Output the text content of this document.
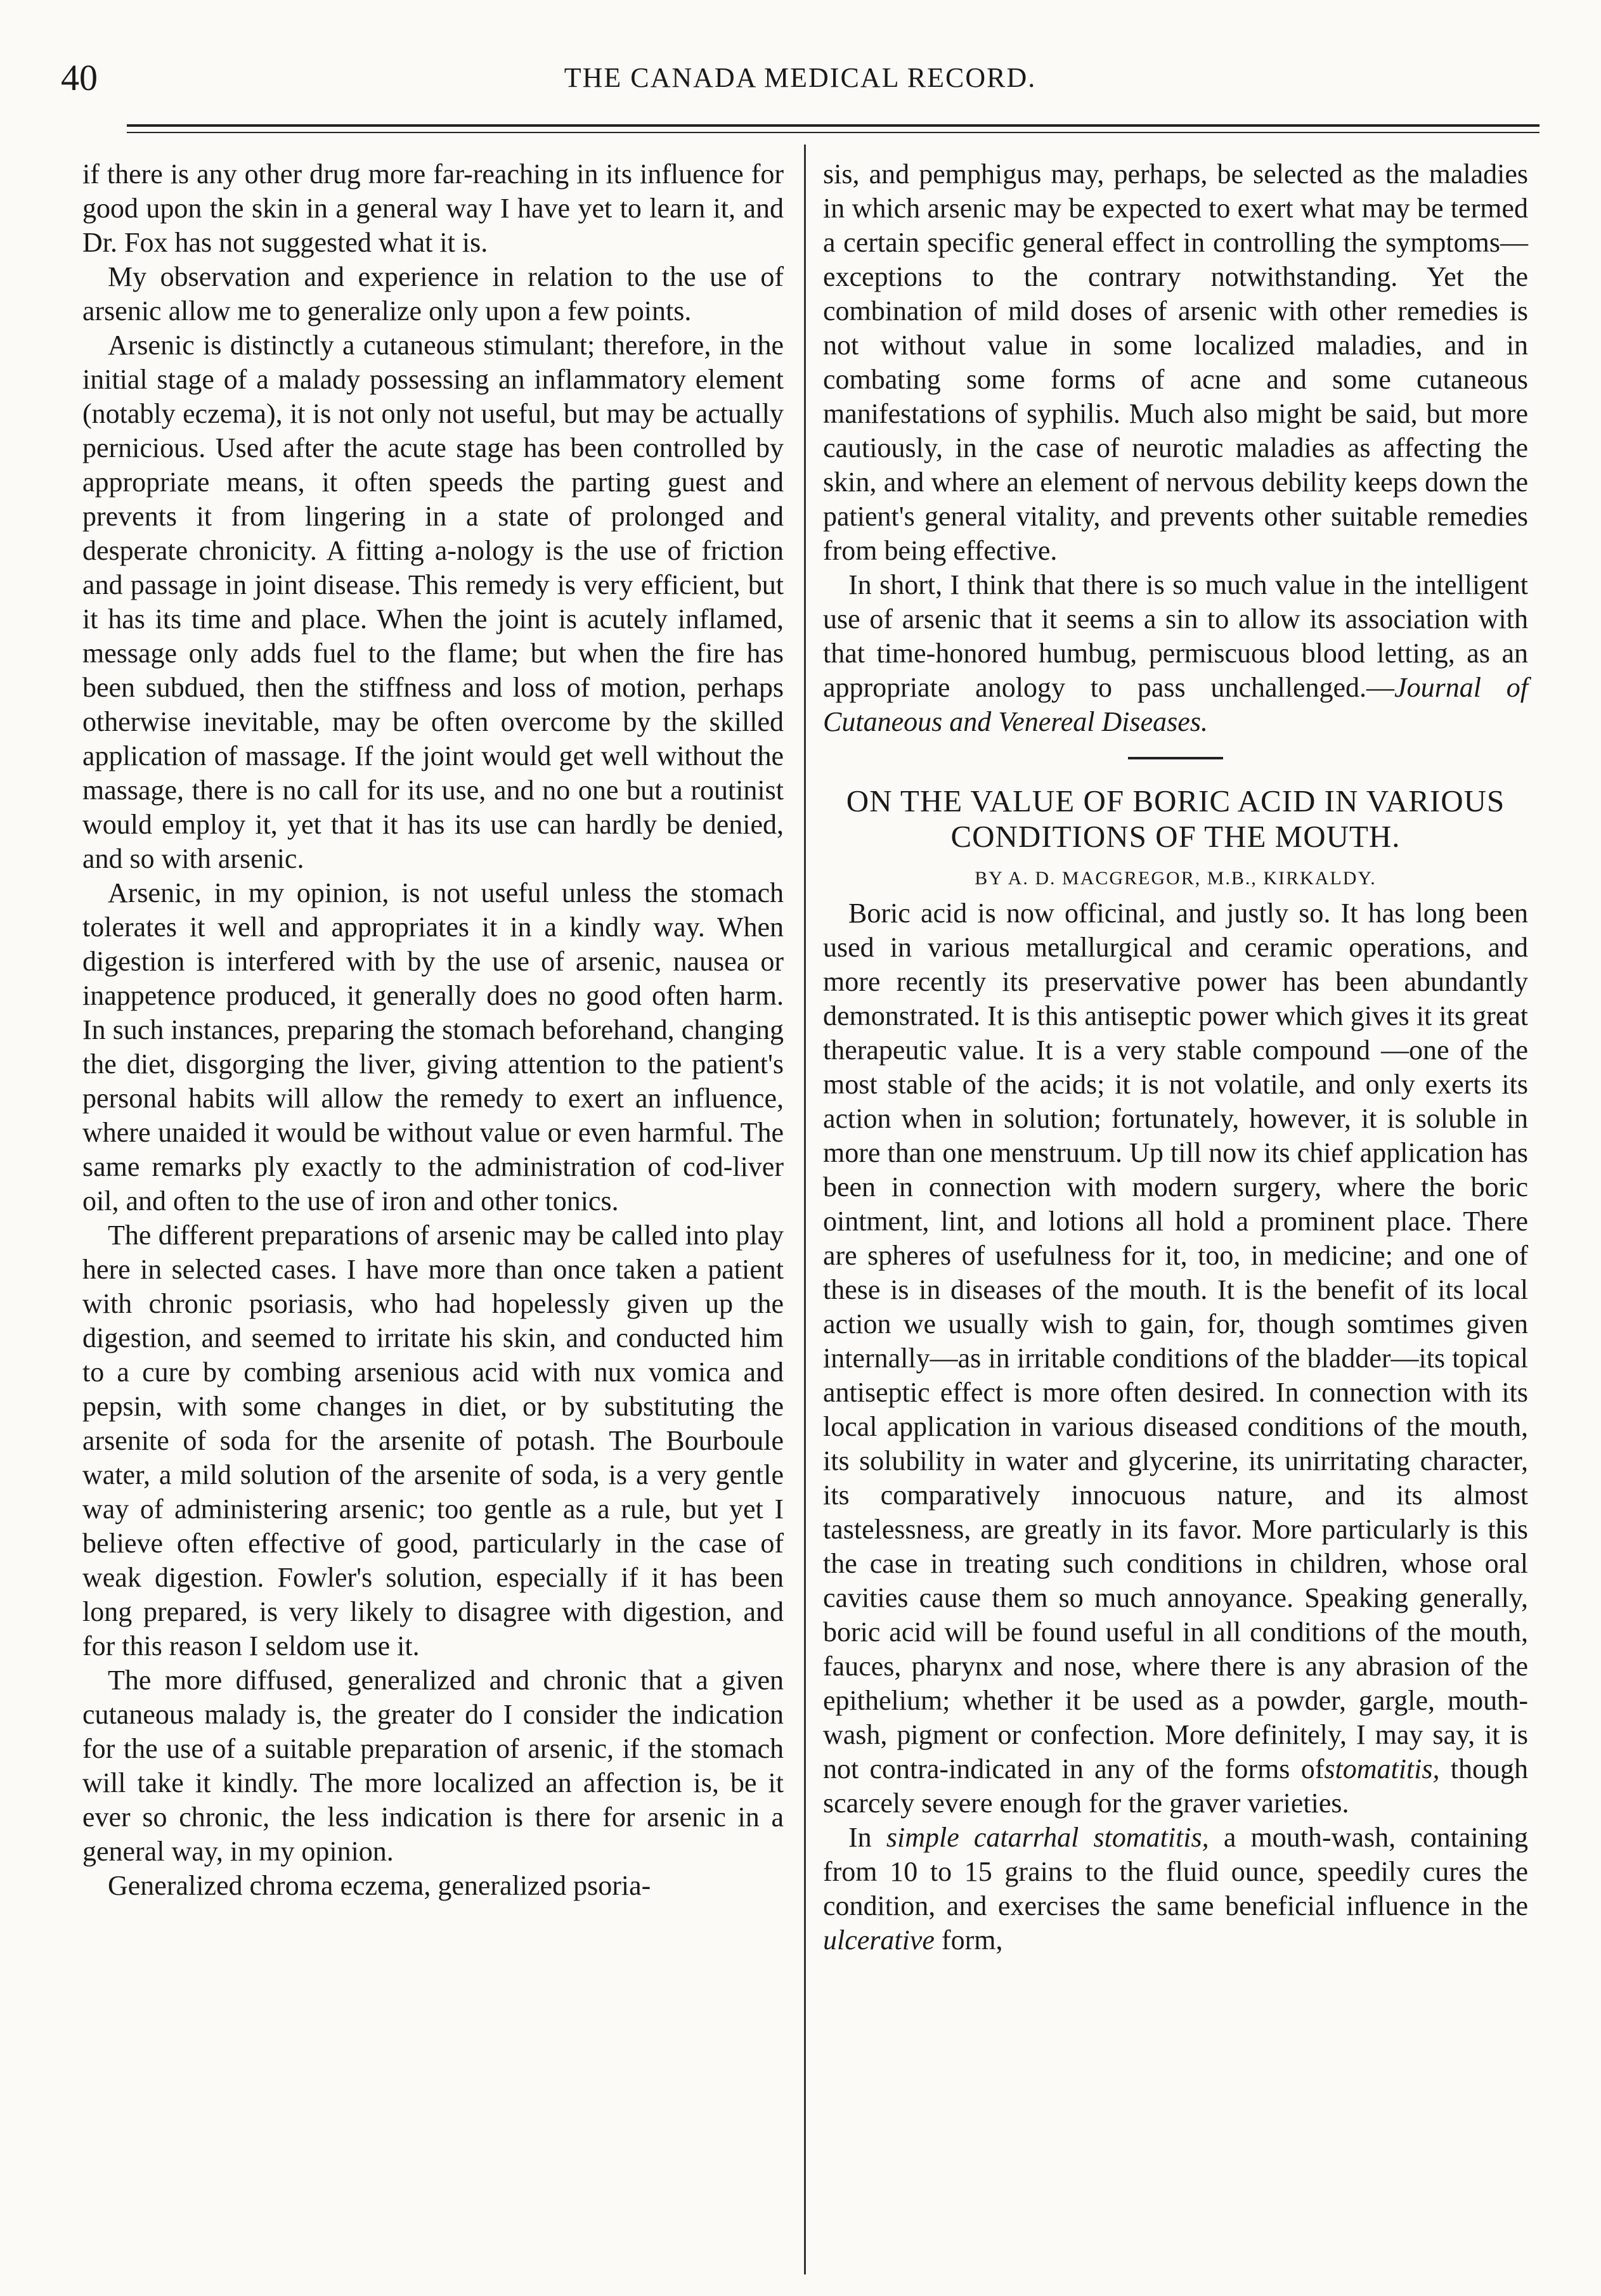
40	THE CANADA MEDICAL RECORD.

if there is any other drug more far-reaching in its influence for good upon the skin in a general way I have yet to learn it, and Dr. Fox has not suggested what it is.

My observation and experience in relation to the use of arsenic allow me to generalize only upon a few points.

Arsenic is distinctly a cutaneous stimulant; therefore, in the initial stage of a malady possessing an inflammatory element (notably eczema), it is not only not useful, but may be actually pernicious. Used after the acute stage has been controlled by appropriate means, it often speeds the parting guest and prevents it from lingering in a state of prolonged and desperate chronicity. A fitting a-nology is the use of friction and passage in joint disease. This remedy is very efficient, but it has its time and place. When the joint is acutely inflamed, message only adds fuel to the flame; but when the fire has been subdued, then the stiffness and loss of motion, perhaps otherwise inevitable, may be often overcome by the skilled application of massage. If the joint would get well without the massage, there is no call for its use, and no one but a routinist would employ it, yet that it has its use can hardly be denied, and so with arsenic.

Arsenic, in my opinion, is not useful unless the stomach tolerates it well and appropriates it in a kindly way. When digestion is interfered with by the use of arsenic, nausea or inappetence produced, it generally does no good often harm. In such instances, preparing the stomach beforehand, changing the diet, disgorging the liver, giving attention to the patient's personal habits will allow the remedy to exert an influence, where unaided it would be without value or even harmful. The same remarks ply exactly to the administration of cod-liver oil, and often to the use of iron and other tonics.

The different preparations of arsenic may be called into play here in selected cases. I have more than once taken a patient with chronic psoriasis, who had hopelessly given up the digestion, and seemed to irritate his skin, and conducted him to a cure by combing arsenious acid with nux vomica and pepsin, with some changes in diet, or by substituting the arsenite of soda for the arsenite of potash. The Bourboule water, a mild solution of the arsenite of soda, is a very gentle way of administering arsenic; too gentle as a rule, but yet I believe often effective of good, particularly in the case of weak digestion. Fowler's solution, especially if it has been long prepared, is very likely to disagree with digestion, and for this reason I seldom use it.

The more diffused, generalized and chronic that a given cutaneous malady is, the greater do I consider the indication for the use of a suitable preparation of arsenic, if the stomach will take it kindly. The more localized an affection is, be it ever so chronic, the less indication is there for arsenic in a general way, in my opinion.

Generalized chroma eczema, generalized psoria-

sis, and pemphigus may, perhaps, be selected as the maladies in which arsenic may be expected to exert what may be termed a certain specific general effect in controlling the symptoms—exceptions to the contrary notwithstanding. Yet the combination of mild doses of arsenic with other remedies is not without value in some localized maladies, and in combating some forms of acne and some cutaneous manifestations of syphilis. Much also might be said, but more cautiously, in the case of neurotic maladies as affecting the skin, and where an element of nervous debility keeps down the patient's general vitality, and prevents other suitable remedies from being effective.

In short, I think that there is so much value in the intelligent use of arsenic that it seems a sin to allow its association with that time-honored humbug, permiscuous blood letting, as an appropriate anology to pass unchallenged.—Journal of Cutaneous and Venereal Diseases.

ON THE VALUE OF BORIC ACID IN VARIOUS CONDITIONS OF THE MOUTH.
BY A. D. MACGREGOR, M.B., KIRKALDY.

Boric acid is now officinal, and justly so. It has long been used in various metallurgical and ceramic operations, and more recently its preservative power has been abundantly demonstrated. It is this antiseptic power which gives it its great therapeutic value. It is a very stable compound —one of the most stable of the acids; it is not volatile, and only exerts its action when in solution; fortunately, however, it is soluble in more than one menstruum. Up till now its chief application has been in connection with modern surgery, where the boric ointment, lint, and lotions all hold a prominent place. There are spheres of usefulness for it, too, in medicine; and one of these is in diseases of the mouth. It is the benefit of its local action we usually wish to gain, for, though somtimes given internally—as in irritable conditions of the bladder—its topical antiseptic effect is more often desired. In connection with its local application in various diseased conditions of the mouth, its solubility in water and glycerine, its unirritating character, its comparatively innocuous nature, and its almost tastelessness, are greatly in its favor. More particularly is this the case in treating such conditions in children, whose oral cavities cause them so much annoyance. Speaking generally, boric acid will be found useful in all conditions of the mouth, fauces, pharynx and nose, where there is any abrasion of the epithelium; whether it be used as a powder, gargle, mouth-wash, pigment or confection. More definitely, I may say, it is not contra-indicated in any of the forms ofstomatitis, though scarcely severe enough for the graver varieties.

In simple catarrhal stomatitis, a mouth-wash, containing from 10 to 15 grains to the fluid ounce, speedily cures the condition, and exercises the same beneficial influence in the ulcerative form,
